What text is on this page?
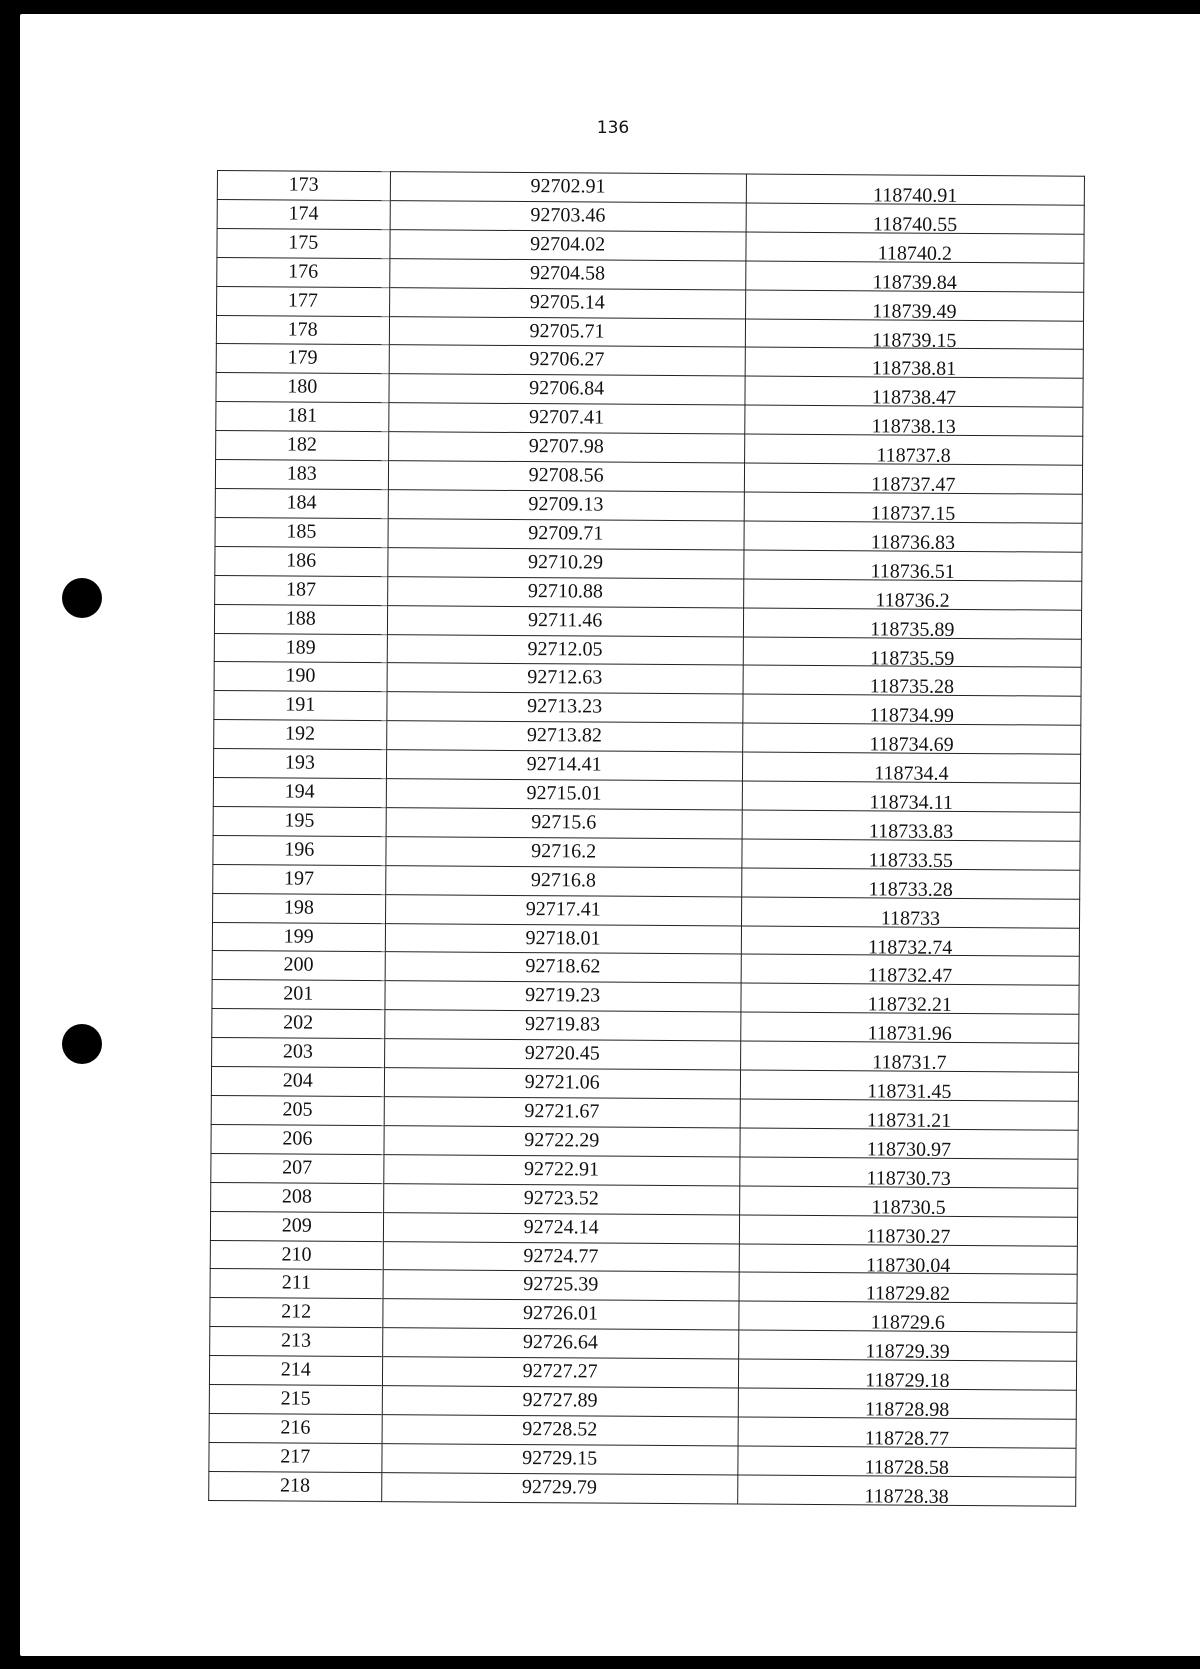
136
173	92702.91	118740.91
174	92703.46	118740.55
175	92704.02	118740.2
176	92704.58	118739.84
177	92705.14	118739.49
178	92705.71	118739.15
179	92706.27	118738.81
180	92706.84	118738.47
181	92707.41	118738.13
182	92707.98	118737.8
183	92708.56	118737.47
184	92709.13	118737.15
185	92709.71	118736.83
186	92710.29	118736.51
187	92710.88	118736.2
188	92711.46	118735.89
189	92712.05	118735.59
190	92712.63	118735.28
191	92713.23	118734.99
192	92713.82	118734.69
193	92714.41	118734.4
194	92715.01	118734.11
195	92715.6	118733.83
196	92716.2	118733.55
197	92716.8	118733.28
198	92717.41	118733
199	92718.01	118732.74
200	92718.62	118732.47
201	92719.23	118732.21
202	92719.83	118731.96
203	92720.45	118731.7
204	92721.06	118731.45
205	92721.67	118731.21
206	92722.29	118730.97
207	92722.91	118730.73
208	92723.52	118730.5
209	92724.14	118730.27
210	92724.77	118730.04
211	92725.39	118729.82
212	92726.01	118729.6
213	92726.64	118729.39
214	92727.27	118729.18
215	92727.89	118728.98
216	92728.52	118728.77
217	92729.15	118728.58
218	92729.79	118728.38
